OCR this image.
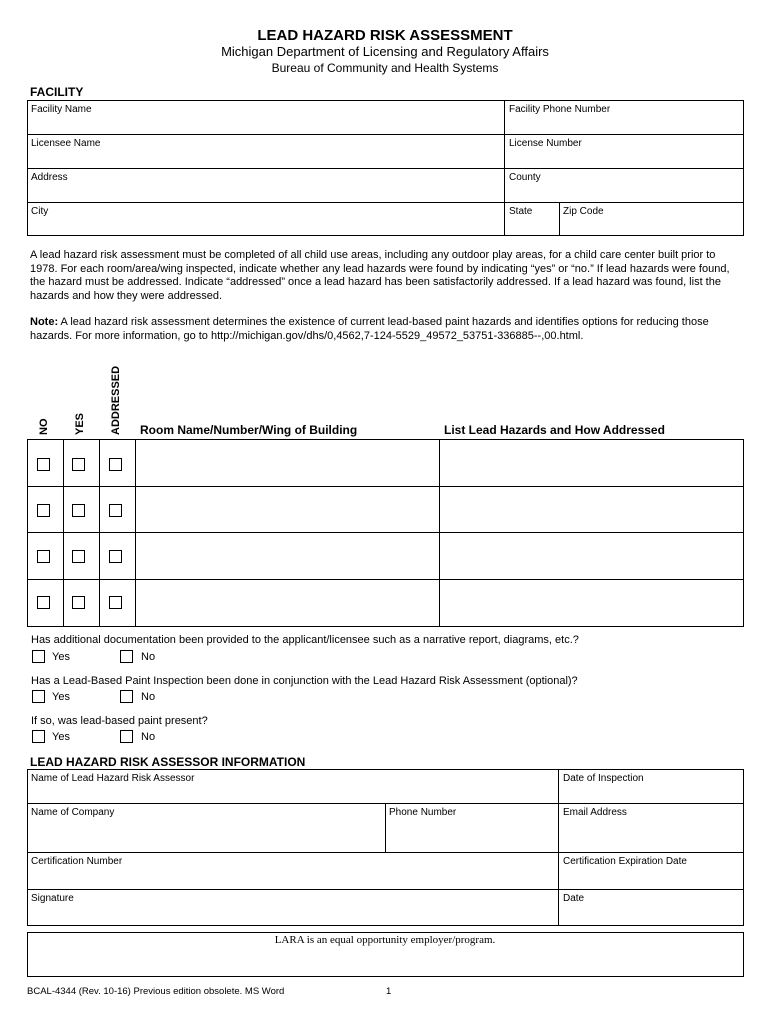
LEAD HAZARD RISK ASSESSMENT
Michigan Department of Licensing and Regulatory Affairs
Bureau of Community and Health Systems
FACILITY
Facility Name	Facility Phone Number
Licensee Name	License Number
Address	County
City	State	Zip Code
A lead hazard risk assessment must be completed of all child use areas, including any outdoor play areas, for a child care center built prior to 1978. For each room/area/wing inspected, indicate whether any lead hazards were found by indicating “yes” or “no.” If lead hazards were found, the hazard must be addressed. Indicate “addressed” once a lead hazard has been satisfactorily addressed. If a lead hazard was found, list the hazards and how they were addressed.
Note: A lead hazard risk assessment determines the existence of current lead-based paint hazards and identifies options for reducing those hazards. For more information, go to http://michigan.gov/dhs/0,4562,7-124-5529_49572_53751-336885--,00.html.
NO YES ADDRESSED Room Name/Number/Wing of Building	List Lead Hazards and How Addressed
Has additional documentation been provided to the applicant/licensee such as a narrative report, diagrams, etc.?
Yes	No
Has a Lead-Based Paint Inspection been done in conjunction with the Lead Hazard Risk Assessment (optional)?
Yes	No
If so, was lead-based paint present?
Yes	No
LEAD HAZARD RISK ASSESSOR INFORMATION
Name of Lead Hazard Risk Assessor	Date of Inspection
Name of Company	Phone Number	Email Address
Certification Number	Certification Expiration Date
Signature	Date
LARA is an equal opportunity employer/program.
BCAL-4344 (Rev. 10-16) Previous edition obsolete. MS Word	1
